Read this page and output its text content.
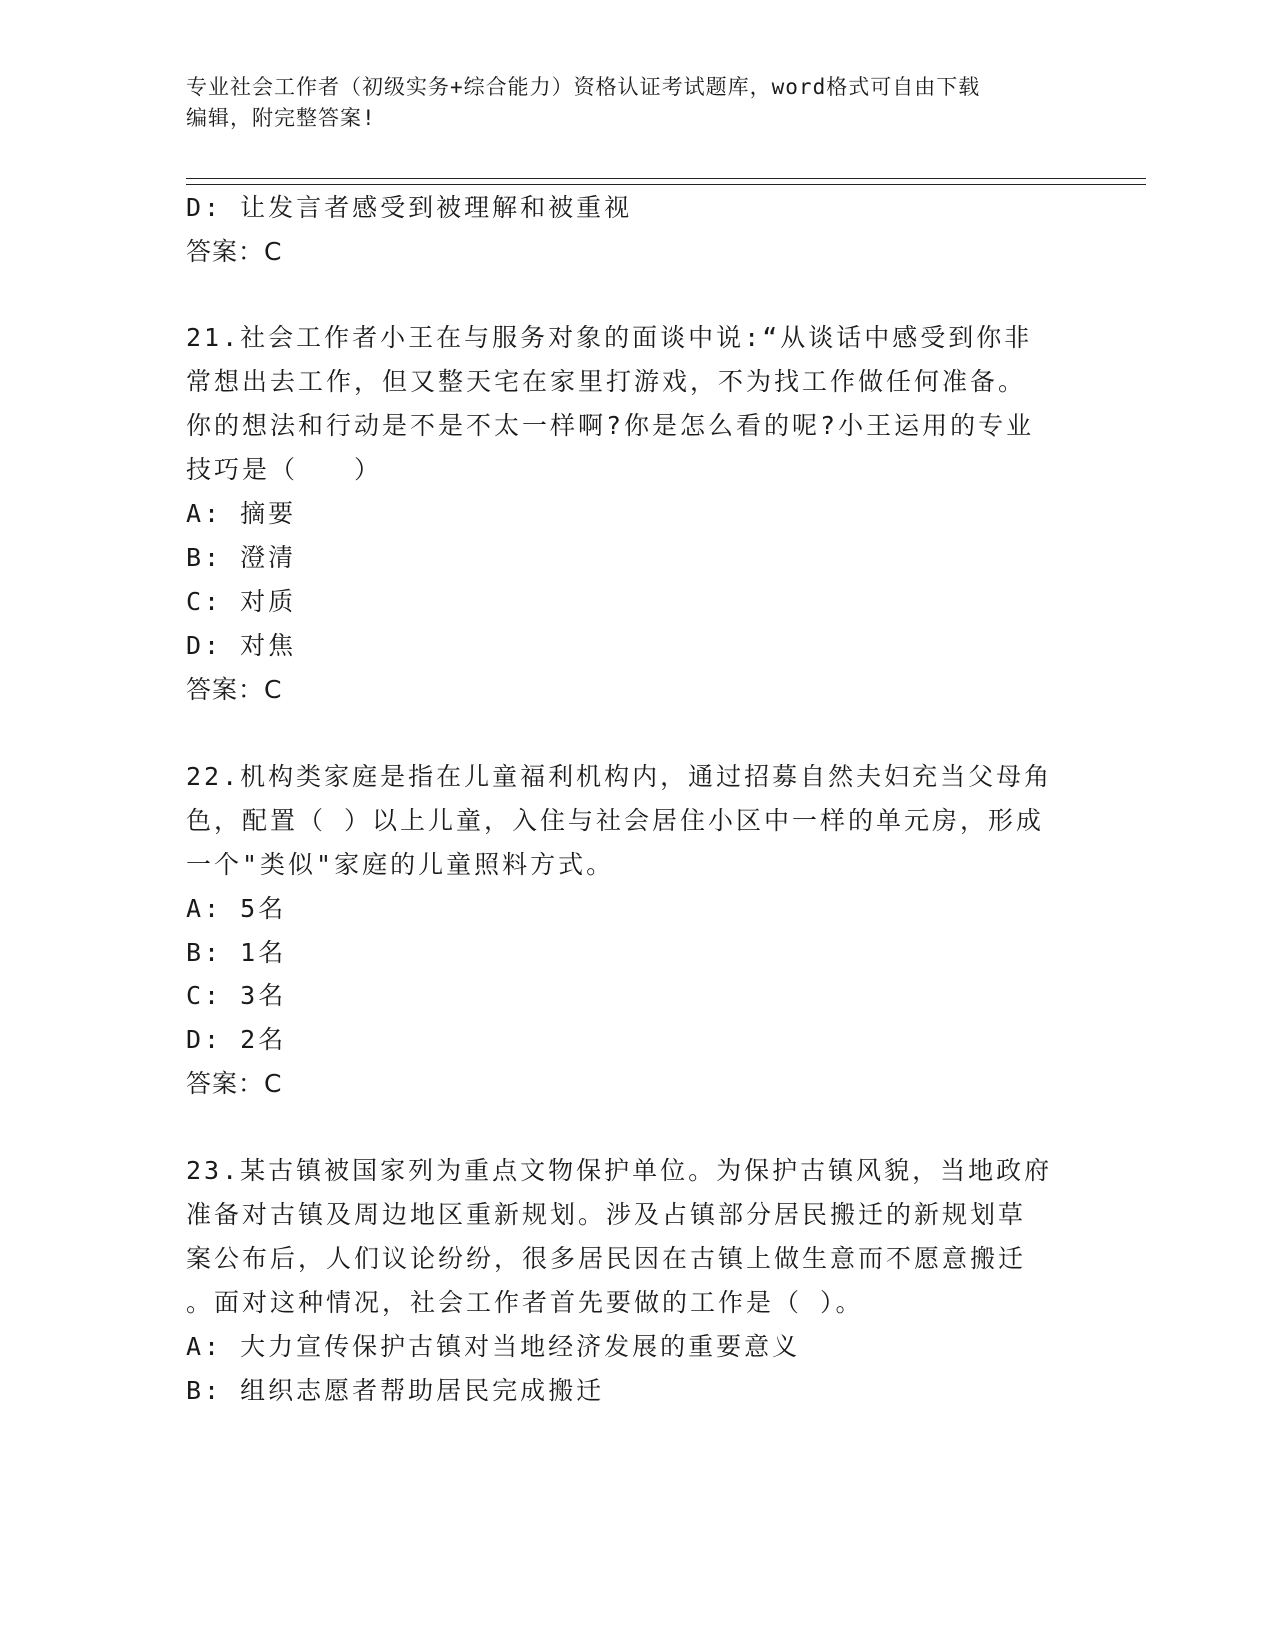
专业社会工作者（初级实务+综合能力）资格认证考试题库，word格式可自由下载
编辑，附完整答案!
D: 让发言者感受到被理解和被重视
答案：C
21.社会工作者小王在与服务对象的面谈中说:“从谈话中感受到你非
常想出去工作，但又整天宅在家里打游戏，不为找工作做任何准备。
你的想法和行动是不是不太一样啊?你是怎么看的呢?小王运用的专业
技巧是（　　）
A: 摘要
B: 澄清
C: 对质
D: 对焦
答案：C
22.机构类家庭是指在儿童福利机构内，通过招募自然夫妇充当父母角
色，配置（ ）以上儿童，入住与社会居住小区中一样的单元房，形成
一个"类似"家庭的儿童照料方式。
A: 5名
B: 1名
C: 3名
D: 2名
答案：C
23.某古镇被国家列为重点文物保护单位。为保护古镇风貌，当地政府
准备对古镇及周边地区重新规划。涉及占镇部分居民搬迁的新规划草
案公布后，人们议论纷纷，很多居民因在古镇上做生意而不愿意搬迁
。面对这种情况，社会工作者首先要做的工作是（ ）。
A: 大力宣传保护古镇对当地经济发展的重要意义
B: 组织志愿者帮助居民完成搬迁
